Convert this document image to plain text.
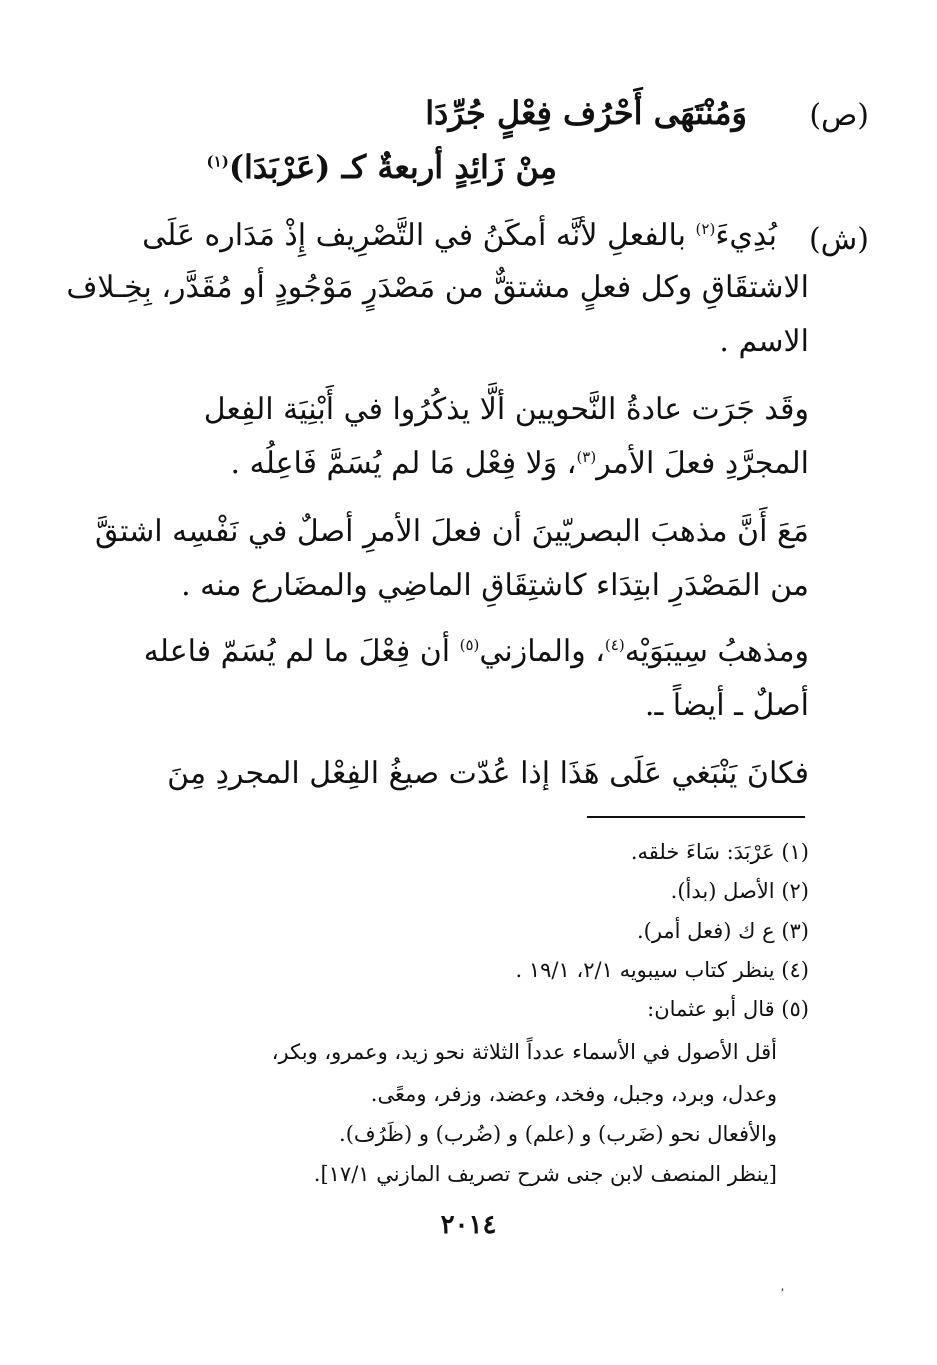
(ص)
وَمُنْتَهَى أَحْرُف فِعْلٍ جُرِّدَا
مِنْ زَائِدٍ أربعةٌ كـ (عَرْبَدَا)$^{(١)}$
(ش)
بُدِيءَ$^{(٢)}$ بالفعلِ لأنَّه أمكَنُ في التَّصْرِيف إِذْ مَدَاره عَلَى
الاشتقَاقِ وكل فعلٍ مشتقٌّ من مَصْدَرٍ مَوْجُودٍ أو مُقَدَّر، بِخِـلاف
الاسم .
وقَد جَرَت عادةُ النَّحويين ألَّا يذكُرُوا في أَبْنِيَة الفِعل
المجرَّدِ فعلَ الأمر$^{(٣)}$، وَلا فِعْل مَا لم يُسَمَّ فَاعِلُه .
مَعَ أَنَّ مذهبَ البصريّينَ أن فعلَ الأمرِ أصلٌ في نَفْسِه اشتقَّ
من المَصْدَرِ ابتِدَاء كاشتِقَاقِ الماضِي والمضَارع منه .
ومذهبُ سِيبَوَيْه$^{(٤)}$، والمازني$^{(٥)}$ أن فِعْلَ ما لم يُسَمّ فاعله
أصلٌ ـ أيضاً ـ.
فكانَ يَنْبَغي عَلَى هَذَا إذا عُدّت صيغُ الفِعْل المجردِ مِنَ
(١) عَرْبَدَ: سَاءَ خلقه.
(٢) الأصل (بدأ).
(٣) ع ك (فعل أمر).
(٤) ينظر كتاب سيبويه ٢/١، ١٩/١ .
(٥) قال أبو عثمان:
أقل الأصول في الأسماء عدداً الثلاثة نحو زيد، وعمرو، وبكر،
وعدل، وبرد، وجبل، وفخد، وعضد، وزفر، ومعًى.
والأفعال نحو (ضَرب) و (علم) و (ضُرب) و (ظَرُف).
[ينظر المنصف لابن جنى شرح تصريف المازني ١٧/١].
٢٠١٤
